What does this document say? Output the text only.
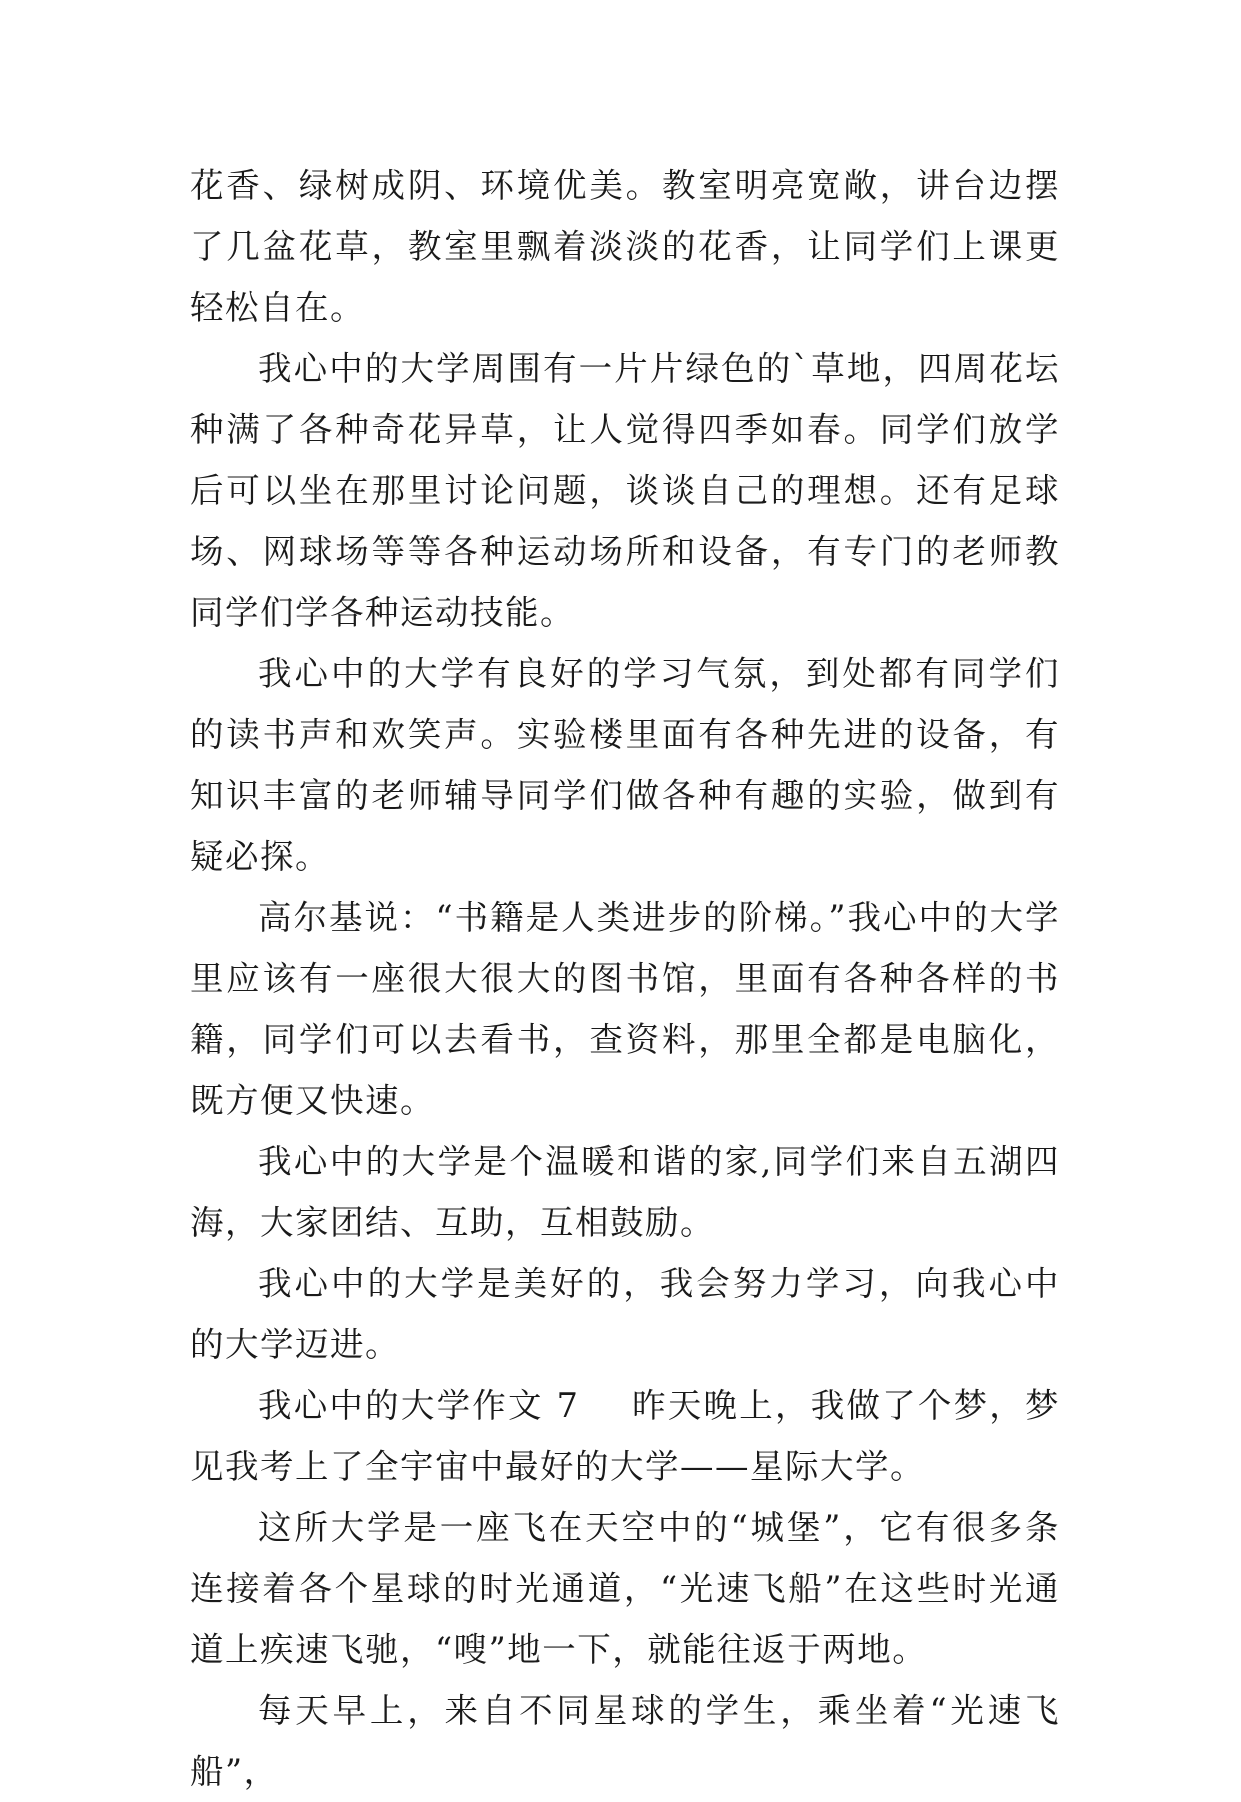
花香、绿树成阴、环境优美。教室明亮宽敞，讲台边摆了几盆花草，教室里飘着淡淡的花香，让同学们上课更轻松自在。

我心中的大学周围有一片片绿色的`草地，四周花坛种满了各种奇花异草，让人觉得四季如春。同学们放学后可以坐在那里讨论问题，谈谈自己的理想。还有足球场、网球场等等各种运动场所和设备，有专门的老师教同学们学各种运动技能。

我心中的大学有良好的学习气氛，到处都有同学们的读书声和欢笑声。实验楼里面有各种先进的设备，有知识丰富的老师辅导同学们做各种有趣的实验，做到有疑必探。

高尔基说：“书籍是人类进步的阶梯。”我心中的大学里应该有一座很大很大的图书馆，里面有各种各样的书籍，同学们可以去看书，查资料，那里全都是电脑化，既方便又快速。

我心中的大学是个温暖和谐的家,同学们来自五湖四海，大家团结、互助，互相鼓励。

我心中的大学是美好的，我会努力学习，向我心中的大学迈进。

我心中的大学作文 7 昨天晚上，我做了个梦，梦见我考上了全宇宙中最好的大学——星际大学。

这所大学是一座飞在天空中的“城堡”，它有很多条连接着各个星球的时光通道，“光速飞船”在这些时光通道上疾速飞驰，“嗖”地一下，就能往返于两地。

每天早上，来自不同星球的学生，乘坐着“光速飞船”，
